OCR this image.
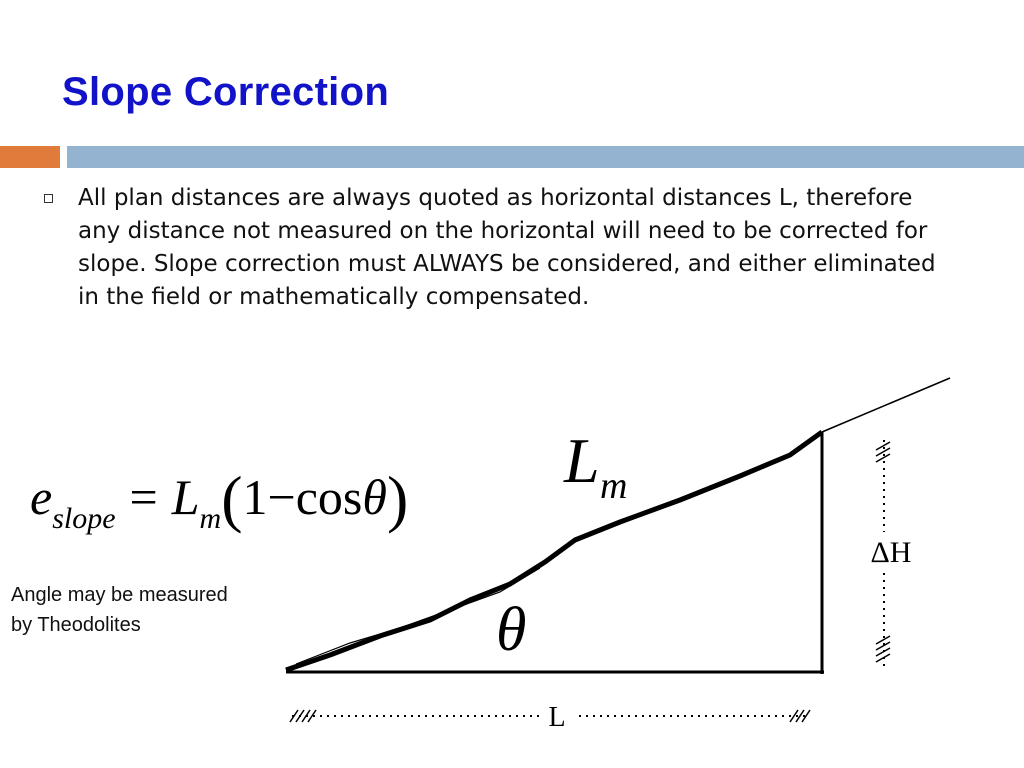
Slope Correction

All plan distances are always quoted as horizontal distances L, therefore any distance not measured on the horizontal will need to be corrected for slope. Slope correction must ALWAYS be considered, and either eliminated in the field or mathematically compensated.

eslope = Lm(1−cosθ)

Angle may be measured
by Theodolites

L
ΔH
L m
θ
